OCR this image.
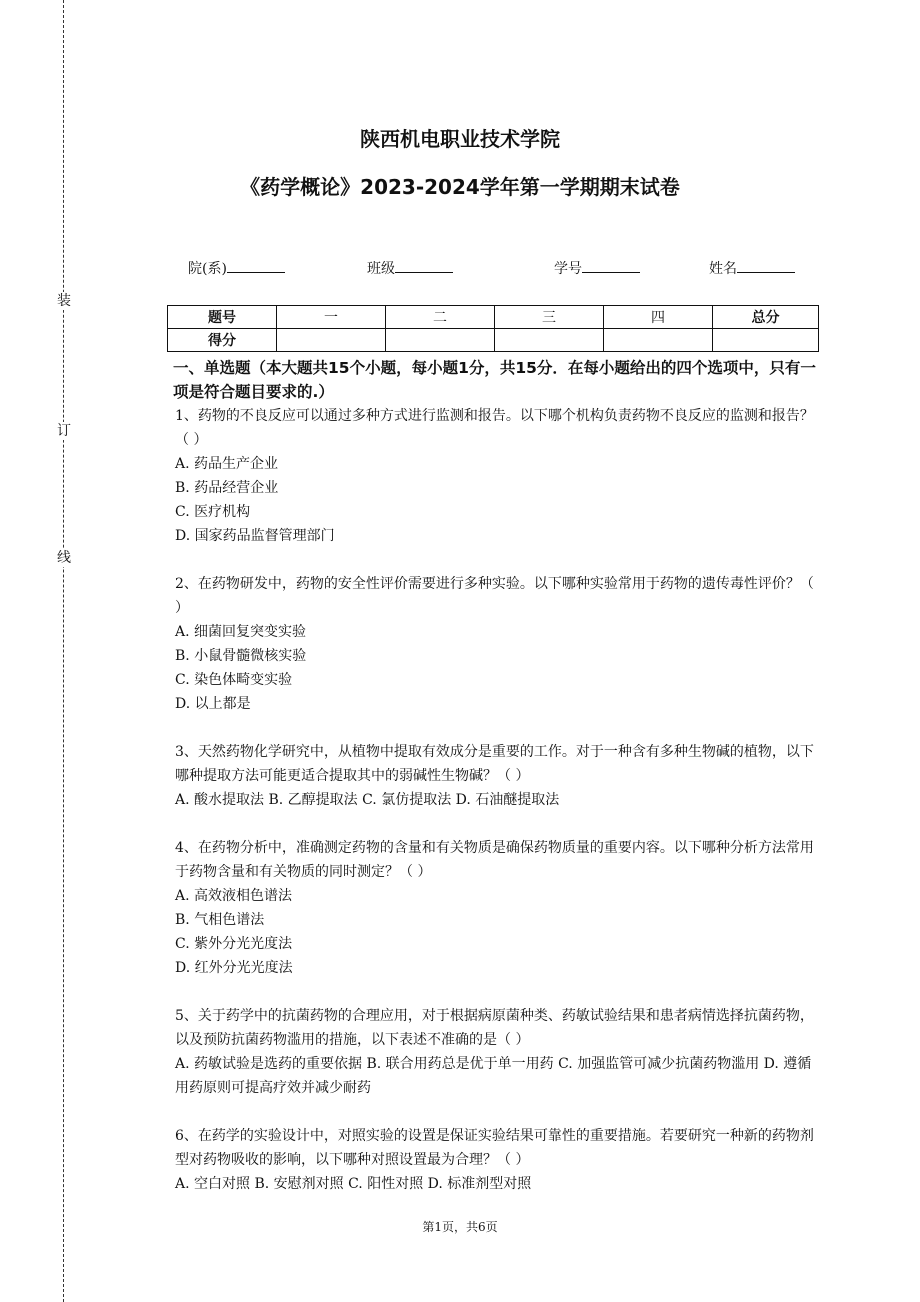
装
订
线
陕西机电职业技术学院
《药学概论》2023-2024学年第一学期期末试卷
院(系)	班级	学号	姓名
题号	一	二	三	四	总分
得分					
一、单选题（本大题共15个小题，每小题1分，共15分．在每小题给出的四个选项中，只有一项是符合题目要求的.）

1、药物的不良反应可以通过多种方式进行监测和报告。以下哪个机构负责药物不良反应的监测和报告？（ ）

A. 药品生产企业

B. 药品经营企业

C. 医疗机构

D. 国家药品监督管理部门

2、在药物研发中，药物的安全性评价需要进行多种实验。以下哪种实验常用于药物的遗传毒性评价？（ ）

A. 细菌回复突变实验

B. 小鼠骨髓微核实验

C. 染色体畸变实验

D. 以上都是

3、天然药物化学研究中，从植物中提取有效成分是重要的工作。对于一种含有多种生物碱的植物，以下哪种提取方法可能更适合提取其中的弱碱性生物碱？（ ）

A. 酸水提取法 B. 乙醇提取法 C. 氯仿提取法 D. 石油醚提取法

4、在药物分析中，准确测定药物的含量和有关物质是确保药物质量的重要内容。以下哪种分析方法常用于药物含量和有关物质的同时测定？（ ）

A. 高效液相色谱法

B. 气相色谱法

C. 紫外分光光度法

D. 红外分光光度法

5、关于药学中的抗菌药物的合理应用，对于根据病原菌种类、药敏试验结果和患者病情选择抗菌药物，以及预防抗菌药物滥用的措施，以下表述不准确的是（ ）

A. 药敏试验是选药的重要依据 B. 联合用药总是优于单一用药 C. 加强监管可减少抗菌药物滥用 D. 遵循用药原则可提高疗效并减少耐药

6、在药学的实验设计中，对照实验的设置是保证实验结果可靠性的重要措施。若要研究一种新的药物剂型对药物吸收的影响，以下哪种对照设置最为合理？（ ）

A. 空白对照 B. 安慰剂对照 C. 阳性对照 D. 标准剂型对照

第1页，共6页
